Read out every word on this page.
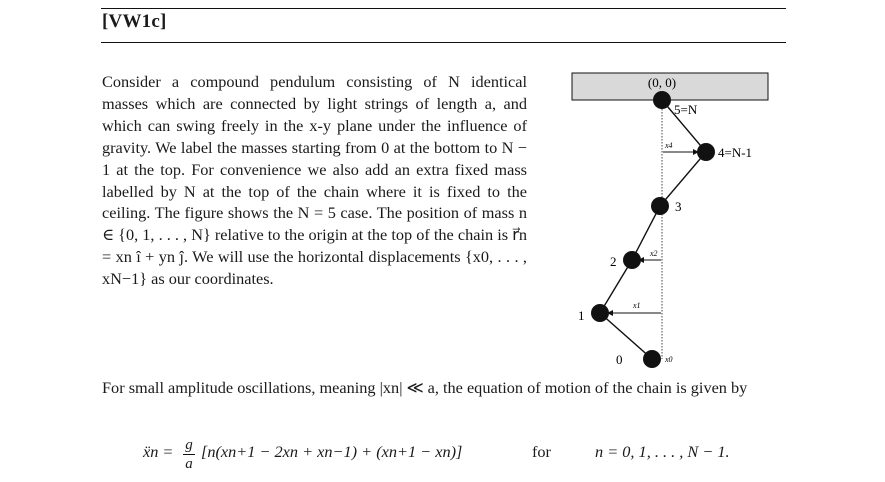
[VW1c]
Consider a compound pendulum consisting of N identical masses which are connected by light strings of length a, and which can swing freely in the x-y plane under the influence of gravity. We label the masses starting from 0 at the bottom to N − 1 at the top. For convenience we also add an extra fixed mass labelled by N at the top of the chain where it is fixed to the ceiling. The figure shows the N = 5 case. The position of mass n ∈ {0, 1, . . . , N} relative to the origin at the top of the chain is r⃗n = xn î + yn ĵ. We will use the horizontal displacements {x0, . . . , xN−1} as our coordinates.
(0, 0)
x4
x2
x1
x0
5=N
4=N-1
3
2
1
0
For small amplitude oscillations, meaning |xn| ≪ a, the equation of motion of the chain is given by
ẍn = g
a
[n(xn+1 − 2xn + xn−1) + (xn+1 − xn)]	for	n = 0, 1, . . . , N − 1.
